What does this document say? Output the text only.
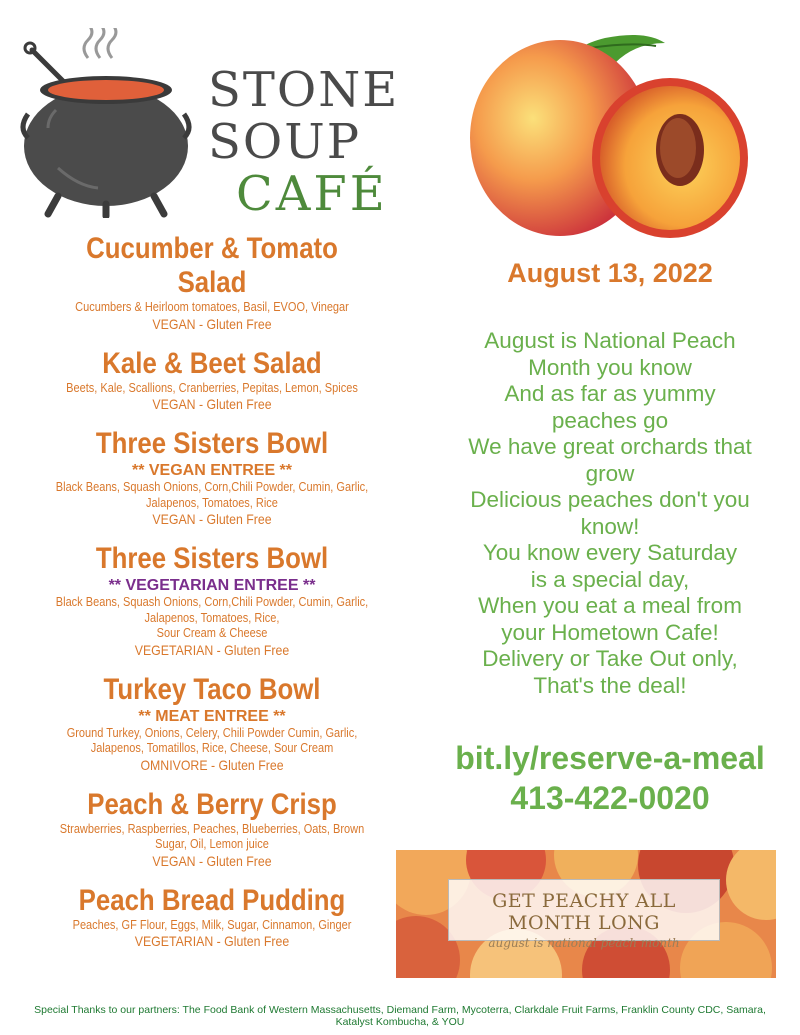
STONE
SOUP
CAFÉ
Cucumber & Tomato Salad
Cucumbers & Heirloom tomatoes, Basil, EVOO, Vinegar
VEGAN - Gluten Free
Kale & Beet Salad
Beets, Kale, Scallions, Cranberries, Pepitas, Lemon, Spices
VEGAN - Gluten Free
Three Sisters Bowl
** VEGAN ENTREE **
Black Beans, Squash Onions, Corn,Chili Powder, Cumin, Garlic,
Jalapenos, Tomatoes, Rice
VEGAN - Gluten Free
Three Sisters Bowl
** VEGETARIAN ENTREE **
Black Beans, Squash Onions, Corn,Chili Powder, Cumin, Garlic,
Jalapenos, Tomatoes, Rice,
Sour Cream & Cheese
VEGETARIAN - Gluten Free
Turkey Taco Bowl
** MEAT ENTREE **
Ground Turkey, Onions, Celery, Chili Powder Cumin, Garlic,
Jalapenos, Tomatillos, Rice, Cheese, Sour Cream
OMNIVORE - Gluten Free
Peach & Berry Crisp
Strawberries, Raspberries, Peaches, Blueberries, Oats, Brown
Sugar, Oil, Lemon juice
VEGAN - Gluten Free
Peach Bread Pudding
Peaches, GF Flour, Eggs, Milk, Sugar, Cinnamon, Ginger
VEGETARIAN - Gluten Free
August 13, 2022
August is National Peach
Month you know
And as far as yummy
peaches go
We have great orchards that
grow
Delicious peaches don't you
know!
You know every Saturday
is a special day,
When you eat a meal from
your Hometown Cafe!
Delivery or Take Out only,
That's the deal!
bit.ly/reserve-a-meal
413-422-0020
GET PEACHY ALL MONTH LONG
august is national peach month
Special Thanks to our partners: The Food Bank of Western Massachusetts, Diemand Farm, Mycoterra, Clarkdale Fruit Farms, Franklin County CDC, Samara, Katalyst Kombucha, & YOU
